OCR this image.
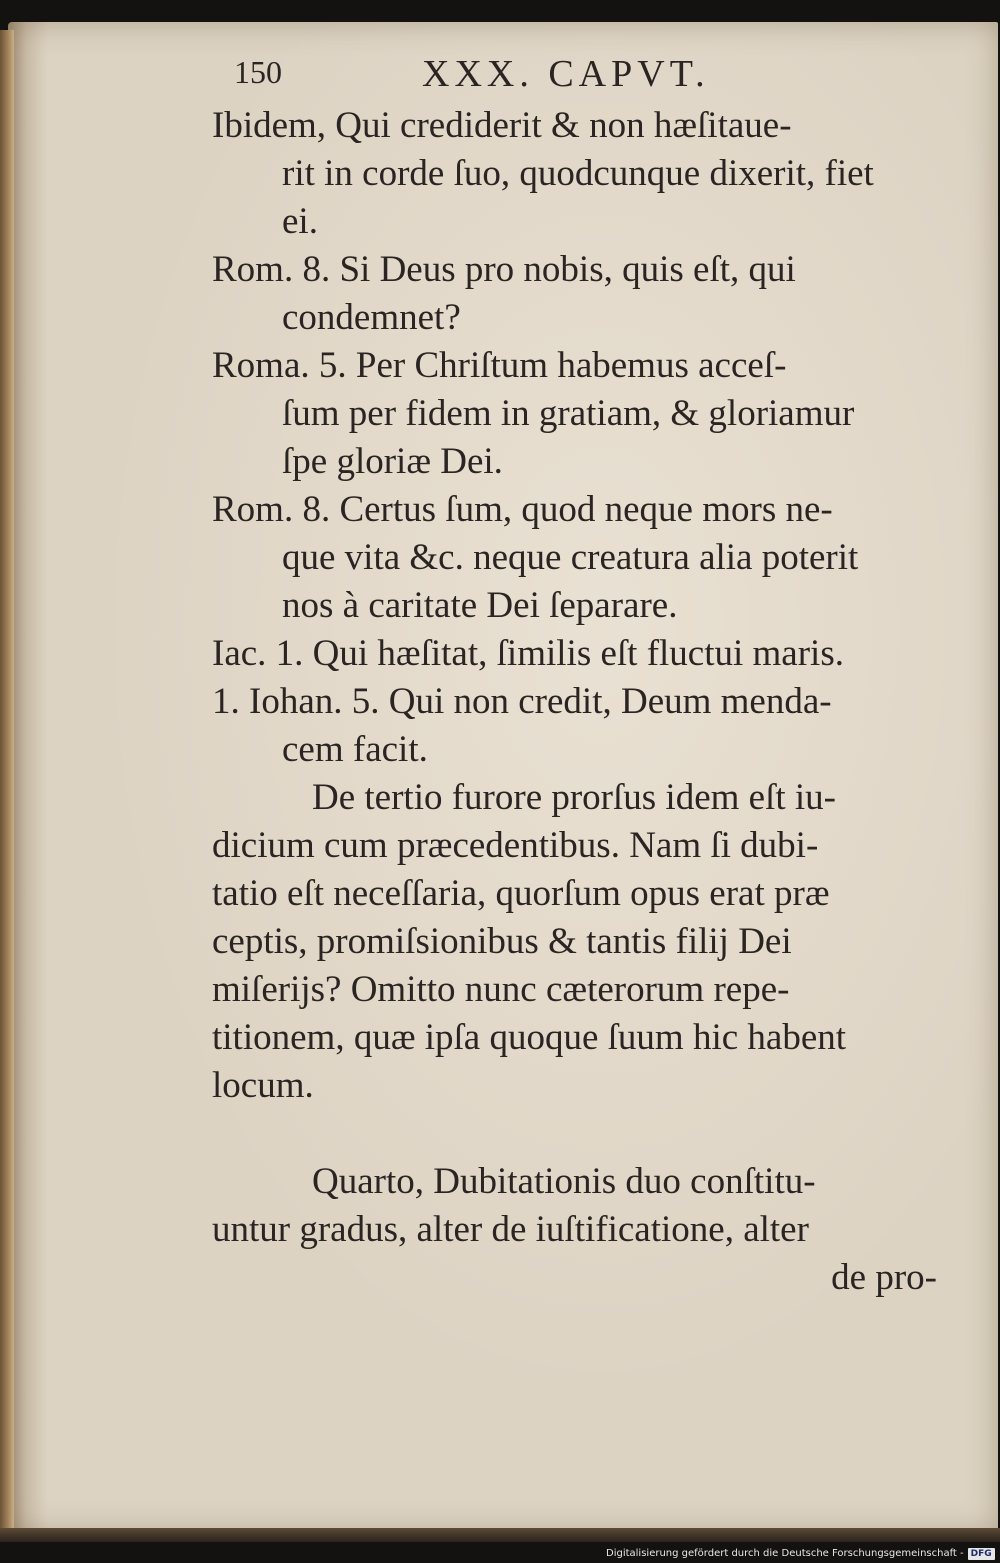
150	XXX. CAPVT.
Ibidem, Qui crediderit & non hæſitaue-
rit in corde ſuo, quodcunque dixerit, fiet
ei.
Rom. 8. Si Deus pro nobis, quis eſt, qui
condemnet?
Roma. 5. Per Chriſtum habemus acceſ-
ſum per fidem in gratiam, & gloriamur
ſpe gloriæ Dei.
Rom. 8. Certus ſum, quod neque mors ne-
que vita &c. neque creatura alia poterit
nos à caritate Dei ſeparare.
Iac. 1. Qui hæſitat, ſimilis eſt fluctui maris.
1. Iohan. 5. Qui non credit, Deum menda-
cem facit.
De tertio furore prorſus idem eſt iu-
dicium cum præcedentibus. Nam ſi dubi-
tatio eſt neceſſaria, quorſum opus erat præ
ceptis, promiſsionibus & tantis filij Dei
miſerijs? Omitto nunc cæterorum repe-
titionem, quæ ipſa quoque ſuum hic habent
locum.
Quarto, Dubitationis duo conſtitu-
untur gradus, alter de iuſtificatione, alter
de pro-
Digitalisierung gefördert durch die Deutsche Forschungsgemeinschaft - DFG
